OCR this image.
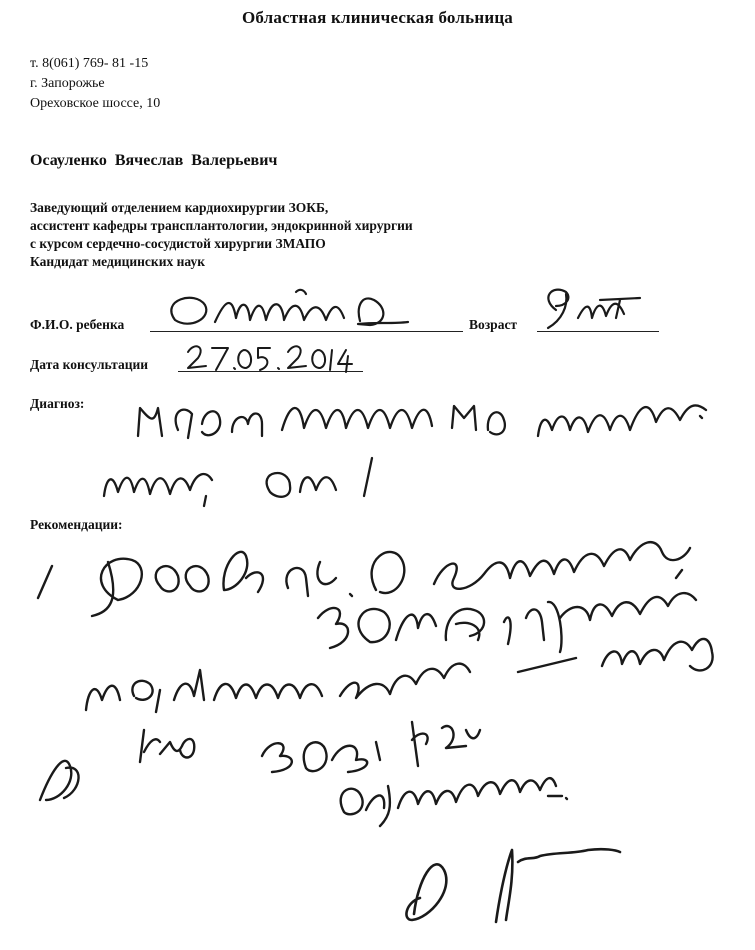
Областная клиническая больница
т. 8(061) 769- 81 -15
г. Запорожье
Ореховское шоссе, 10
Осауленко Вячеслав Валерьевич
Заведующий отделением кардиохирургии ЗОКБ,
ассистент кафедры трансплантологии, эндокринной хирургии
с курсом сердечно-сосудистой хирургии ЗМАПО
Кандидат медицинских наук
Ф.И.О. ребенка	Возраст
Дата консультации
Диагноз:
Рекомендации:
